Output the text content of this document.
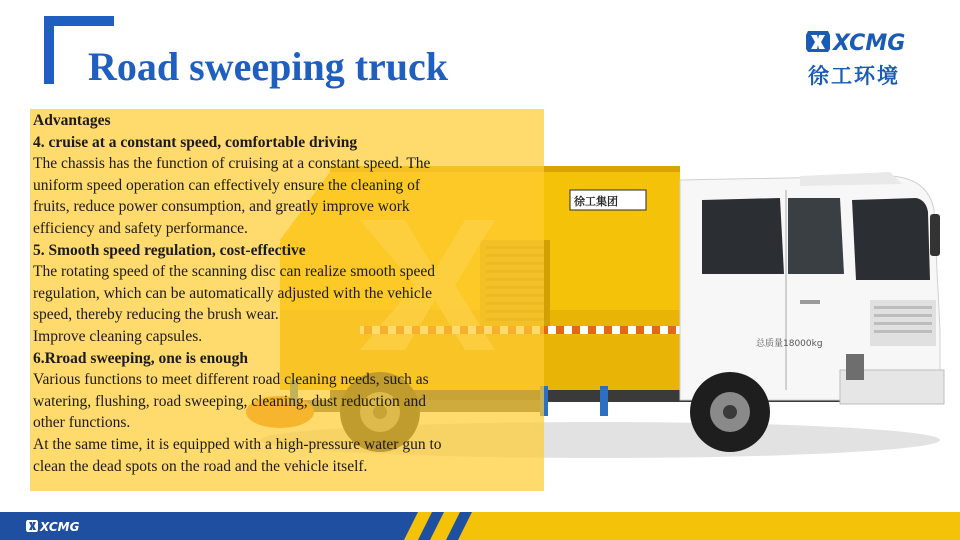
Road sweeping truck
XCMG
徐工环境
徐工集团
总质量18000kg
Advantages
4. cruise at a constant speed, comfortable driving
The chassis has the function of cruising at a constant speed. The
uniform speed operation can effectively ensure the cleaning of
fruits, reduce power consumption, and greatly improve work
efficiency and safety performance.
5. Smooth speed regulation, cost-effective
The rotating speed of the scanning disc can realize smooth speed
regulation, which can be automatically adjusted with the vehicle
speed, thereby reducing the brush wear.
Improve cleaning capsules.
6.Rroad sweeping, one is enough
Various functions to meet different road cleaning needs, such as
watering, flushing, road sweeping, cleaning, dust reduction and
other functions.
At the same time, it is equipped with a high-pressure water gun to
clean the dead spots on the road and the vehicle itself.
XCMG
